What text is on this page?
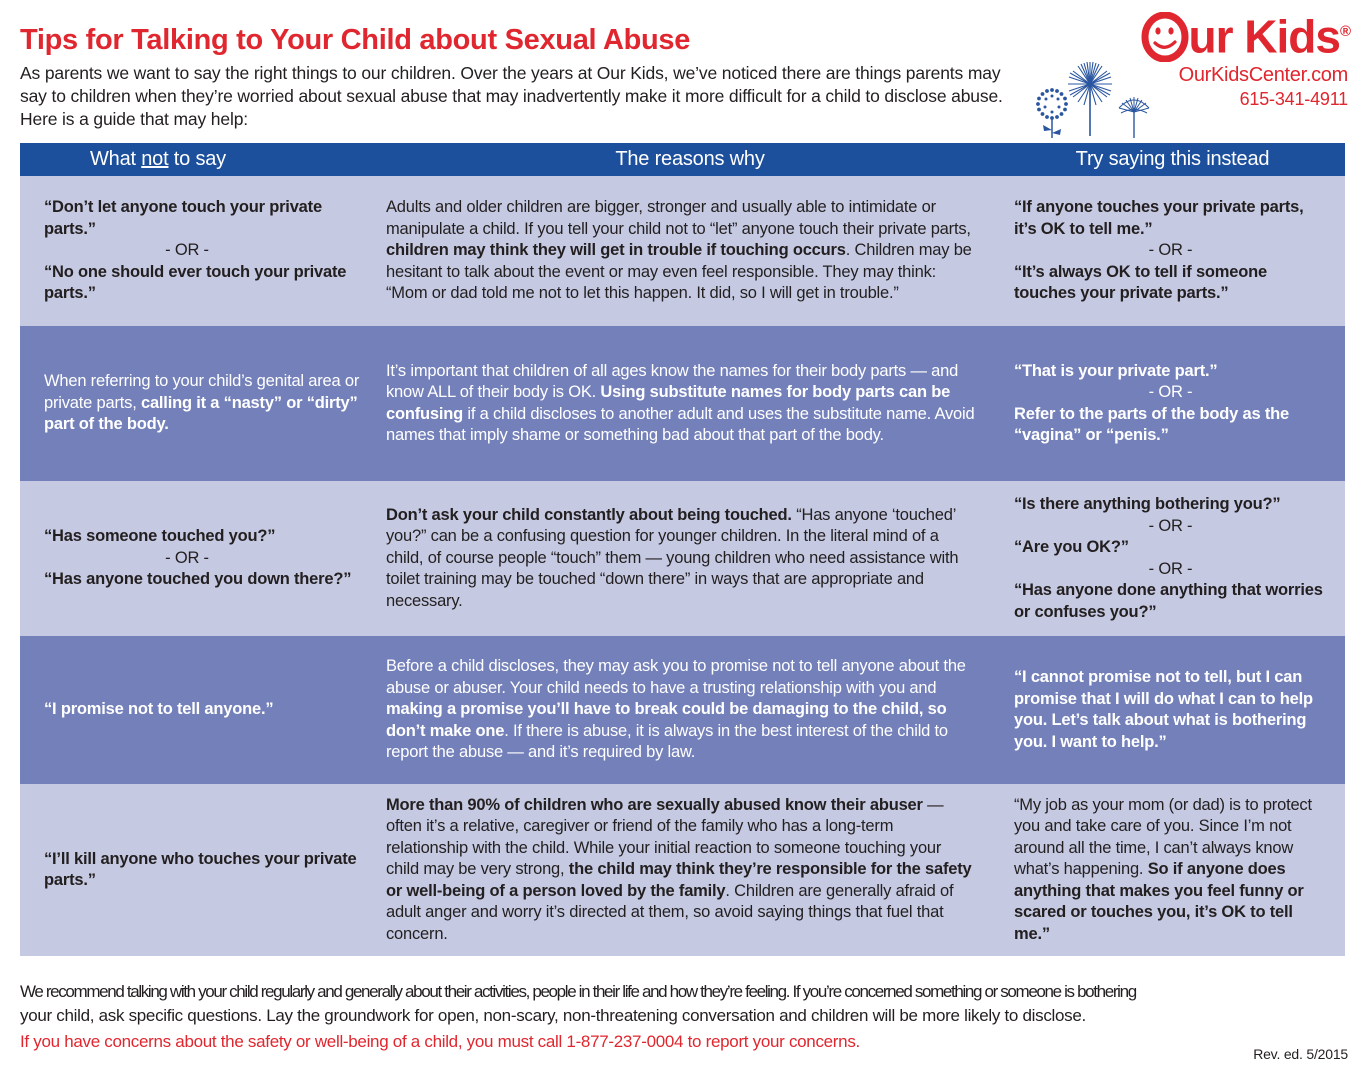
Tips for Talking to Your Child about Sexual Abuse
As parents we want to say the right things to our children. Over the years at Our Kids, we’ve noticed there are things parents may say to children when they’re worried about sexual abuse that may inadvertently make it more difficult for a child to disclose abuse. Here is a guide that may help:
ur Kids®
OurKidsCenter.com
615-341-4911
What not to say	The reasons why	Try saying this instead
“Don’t let anyone touch your private parts.”
- OR -
“No one should ever touch your private parts.”
Adults and older children are bigger, stronger and usually able to intimidate or manipulate a child. If you tell your child not to “let” anyone touch their private parts, children may think they will get in trouble if touching occurs. Children may be hesitant to talk about the event or may even feel responsible. They may think: “Mom or dad told me not to let this happen. It did, so I will get in trouble.”
“If anyone touches your private parts, it’s OK to tell me.”
- OR -
“It’s always OK to tell if someone touches your private parts.”
When referring to your child’s genital area or private parts, calling it a “nasty” or “dirty” part of the body.
It’s important that children of all ages know the names for their body parts — and know ALL of their body is OK. Using substitute names for body parts can be confusing if a child discloses to another adult and uses the substitute name. Avoid names that imply shame or something bad about that part of the body.
“That is your private part.”
- OR -
Refer to the parts of the body as the “vagina” or “penis.”
“Has someone touched you?”
- OR -
“Has anyone touched you down there?”
Don’t ask your child constantly about being touched. “Has anyone ‘touched’ you?” can be a confusing question for younger children. In the literal mind of a child, of course people “touch” them — young children who need assistance with toilet training may be touched “down there” in ways that are appropriate and necessary.
“Is there anything bothering you?”
- OR -
“Are you OK?”
- OR -
“Has anyone done anything that worries or confuses you?”
“I promise not to tell anyone.”
Before a child discloses, they may ask you to promise not to tell anyone about the abuse or abuser. Your child needs to have a trusting relationship with you and making a promise you’ll have to break could be damaging to the child, so don’t make one. If there is abuse, it is always in the best interest of the child to report the abuse — and it’s required by law.
“I cannot promise not to tell, but I can promise that I will do what I can to help you. Let’s talk about what is bothering you. I want to help.”
“I’ll kill anyone who touches your private parts.”
More than 90% of children who are sexually abused know their abuser — often it’s a relative, caregiver or friend of the family who has a long-term relationship with the child. While your initial reaction to someone touching your child may be very strong, the child may think they’re responsible for the safety or well-being of a person loved by the family. Children are generally afraid of adult anger and worry it’s directed at them, so avoid saying things that fuel that concern.
“My job as your mom (or dad) is to protect you and take care of you. Since I’m not around all the time, I can’t always know what’s happening. So if anyone does anything that makes you feel funny or scared or touches you, it’s OK to tell me.”
We recommend talking with your child regularly and generally about their activities, people in their life and how they’re feeling. If you’re concerned something or someone is bothering
your child, ask specific questions. Lay the groundwork for open, non-scary, non-threatening conversation and children will be more likely to disclose.
If you have concerns about the safety or well-being of a child, you must call 1-877-237-0004 to report your concerns.
Rev. ed. 5/2015
